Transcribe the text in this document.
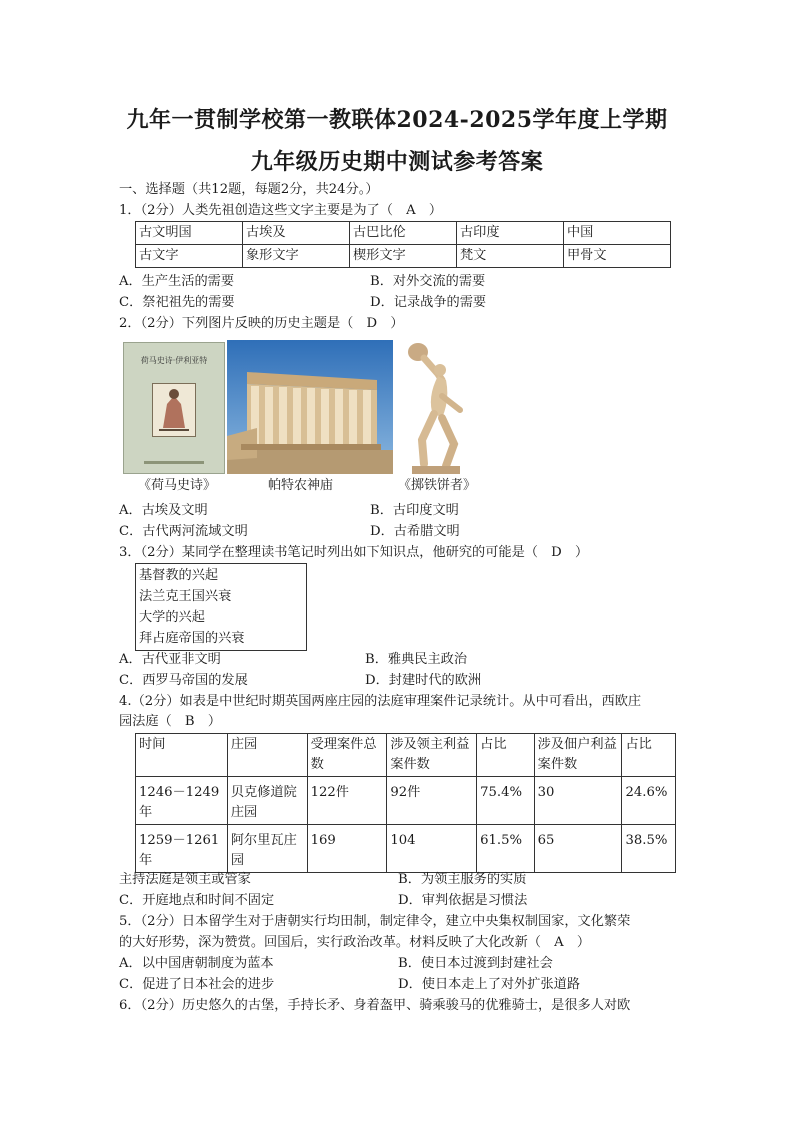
九年一贯制学校第一教联体2024-2025学年度上学期
九年级历史期中测试参考答案
一、选择题（共12题，每题2分，共24分。）
1．（2分）人类先祖创造这些文字主要是为了（　A　）
古文明国	古埃及	古巴比伦	古印度	中国
古文字	象形文字	楔形文字	梵文	甲骨文
A．生产生活的需要	B．对外交流的需要
C．祭祀祖先的需要	D．记录战争的需要
2．（2分）下列图片反映的历史主题是（　D　）
荷马史诗·伊利亚特
《荷马史诗》	帕特农神庙	《掷铁饼者》
A．古埃及文明	B．古印度文明
C．古代两河流域文明	D．古希腊文明
3．（2分）某同学在整理读书笔记时列出如下知识点，他研究的可能是（　D　）
基督教的兴起
法兰克王国兴衰
大学的兴起
拜占庭帝国的兴衰
A．古代亚非文明	B．雅典民主政治
C．西罗马帝国的发展	D．封建时代的欧洲
4.（2分）如表是中世纪时期英国两座庄园的法庭审理案件记录统计。从中可看出，西欧庄
园法庭（　B　）
时间	庄园	受理案件总数	涉及领主利益案件数	占比	涉及佃户利益案件数	占比
1246－1249年	贝克修道院庄园	122件	92件	75.4%	30	24.6%
1259－1261年	阿尔里瓦庄园	169	104	61.5%	65	38.5%
主持法庭是领主或管家	B．为领主服务的实质
C．开庭地点和时间不固定	D．审判依据是习惯法
5．（2分）日本留学生对于唐朝实行均田制，制定律令，建立中央集权制国家，文化繁荣
的大好形势，深为赞赏。回国后，实行政治改革。材料反映了大化改新（　A　）
A．以中国唐朝制度为蓝本	B．使日本过渡到封建社会
C．促进了日本社会的进步	D．使日本走上了对外扩张道路
6．（2分）历史悠久的古堡，手持长矛、身着盔甲、骑乘骏马的优雅骑士，是很多人对欧
